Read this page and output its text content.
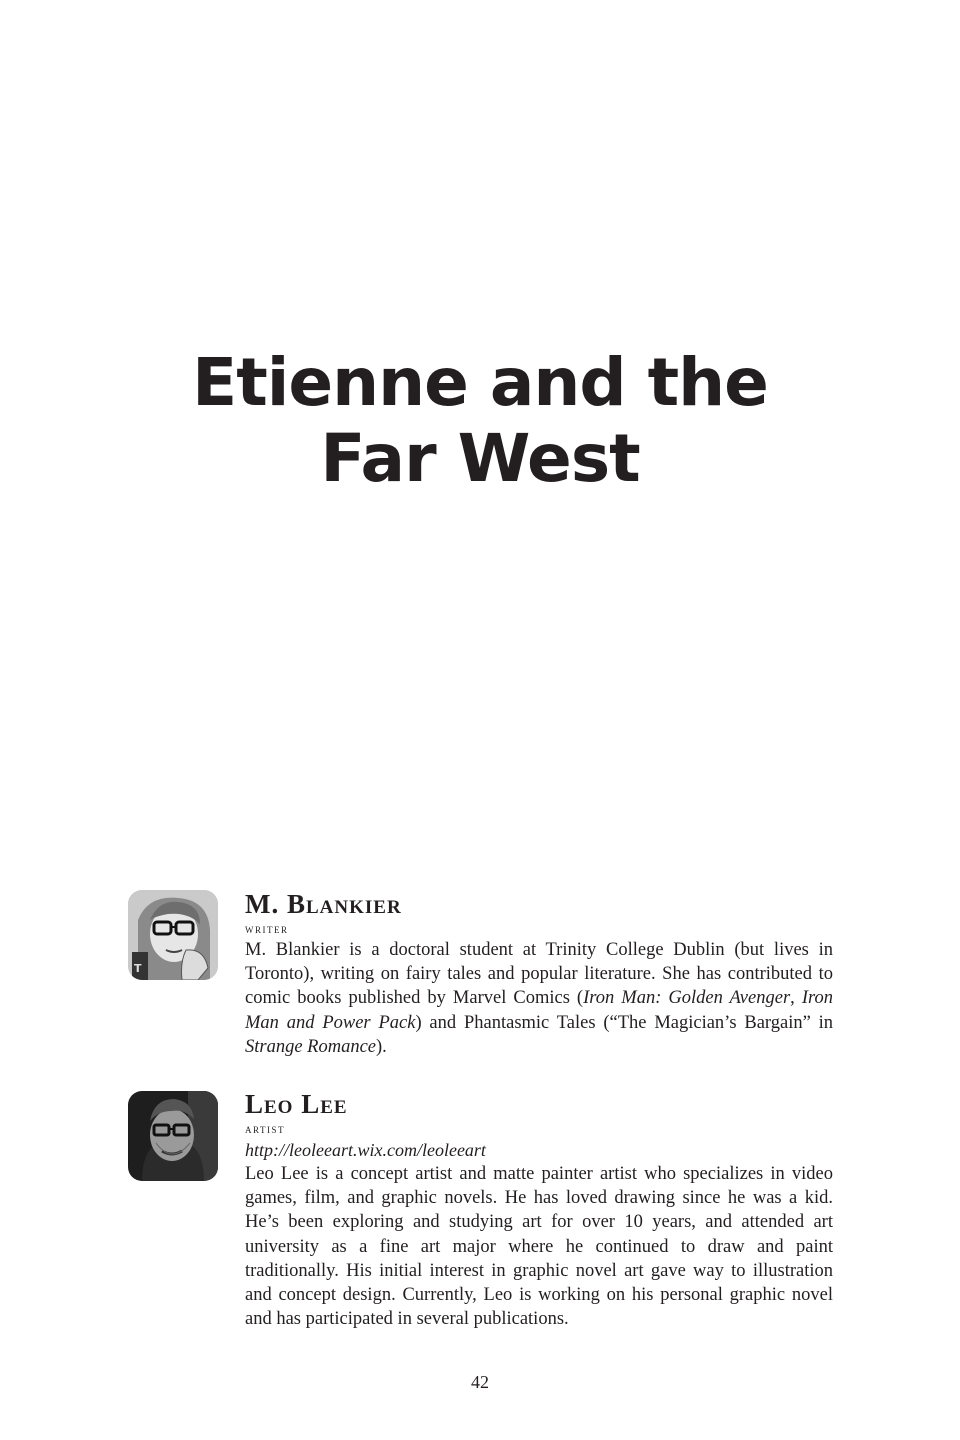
Etienne and the
Far West
T
M. Blankier
writer

M. Blankier is a doctoral student at Trinity College Dublin (but lives in Toronto), writing on fairy tales and popular literature. She has contributed to comic books published by Marvel Comics (Iron Man: Golden Avenger, Iron Man and Power Pack) and Phantasmic Tales (“The Magician’s Bargain” in Strange Romance).

Leo Lee
artist
http://leoleeart.wix.com/leoleeart

Leo Lee is a concept artist and matte painter artist who specializes in video games, film, and graphic novels. He has loved drawing since he was a kid. He’s been exploring and studying art for over 10 years, and attended art university as a fine art major where he continued to draw and paint traditionally. His initial interest in graphic novel art gave way to illustration and concept design. Currently, Leo is working on his personal graphic novel and has participated in several publications.

42
